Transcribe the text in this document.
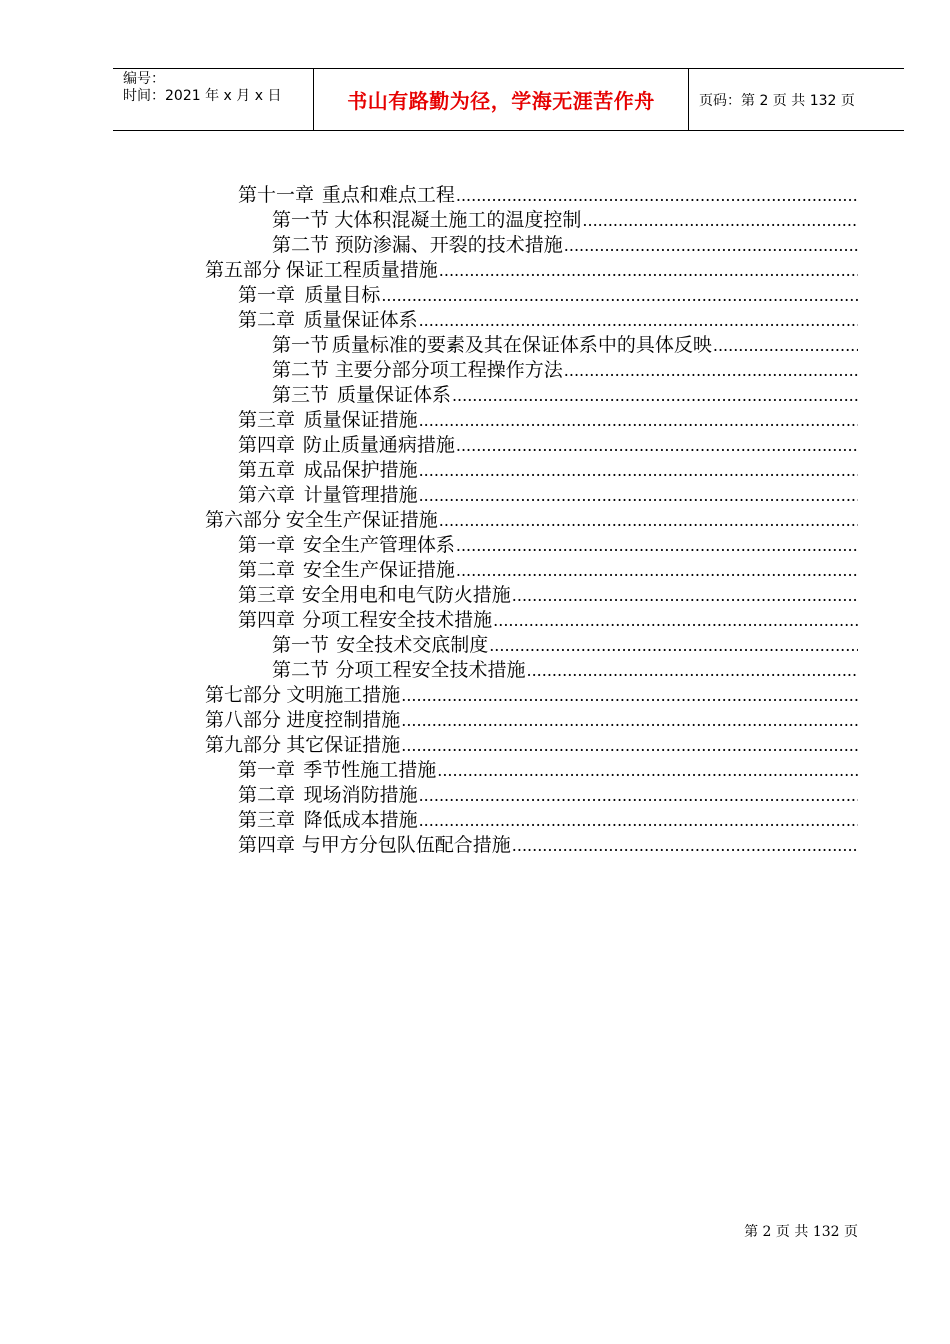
编号：
时间：2021 年 x 月 x 日	书山有路勤为径，学海无涯苦作舟	页码：第 2 页 共 132 页
第十一章 重点和难点工程
.....
第一节 大体积混凝土施工的温度控制
.....
第二节 预防渗漏、开裂的技术措施
.....
第五部分 保证工程质量措施
.....
第一章 质量目标
.....
第二章 质量保证体系
.....
第一节 质量标准的要素及其在保证体系中的具体反映
.....
第二节 主要分部分项工程操作方法
.....
第三节 质量保证体系
.....
第三章 质量保证措施
.....
第四章 防止质量通病措施
.....
第五章 成品保护措施
.....
第六章 计量管理措施
.....
第六部分 安全生产保证措施
.....
第一章 安全生产管理体系
.....
第二章 安全生产保证措施
.....
第三章 安全用电和电气防火措施
.....
第四章 分项工程安全技术措施
.....
第一节 安全技术交底制度
.....
第二节 分项工程安全技术措施
.....
第七部分 文明施工措施
.....
第八部分 进度控制措施
.....
第九部分 其它保证措施
.....
第一章 季节性施工措施
.....
第二章 现场消防措施
.....
第三章 降低成本措施
.....
第四章 与甲方分包队伍配合措施
.....
第 2 页 共 132 页
